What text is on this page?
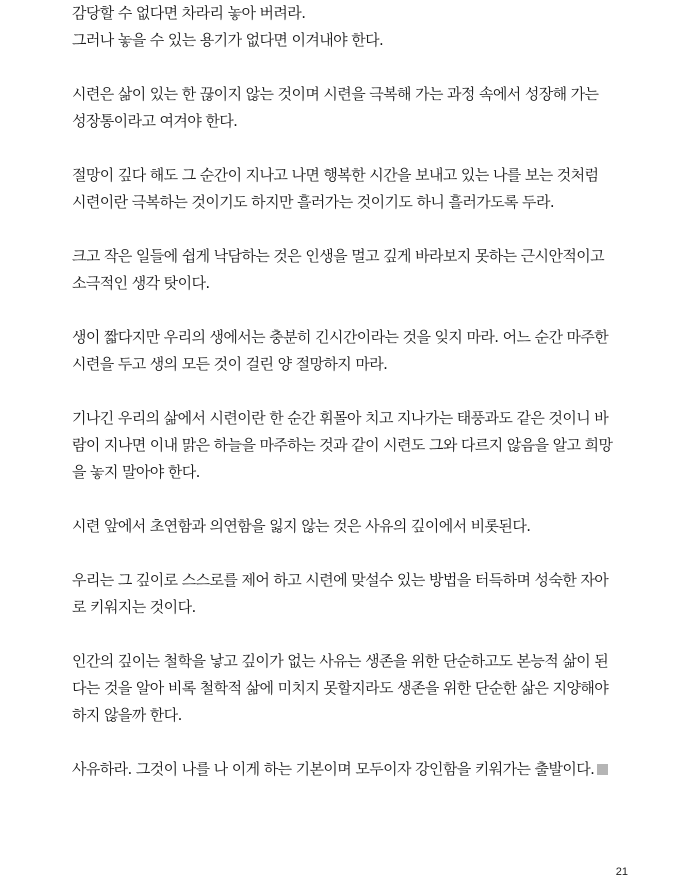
감당할 수 없다면 차라리 놓아 버려라.
그러나 놓을 수 있는 용기가 없다면 이겨내야 한다.

시련은 삶이 있는 한 끊이지 않는 것이며 시련을 극복해 가는 과정 속에서 성장해 가는
성장통이라고 여겨야 한다.

절망이 깊다 해도 그 순간이 지나고 나면 행복한 시간을 보내고 있는 나를 보는 것처럼
시련이란 극복하는 것이기도 하지만 흘러가는 것이기도 하니 흘러가도록 두라.

크고 작은 일들에 쉽게 낙담하는 것은 인생을 멀고 깊게 바라보지 못하는 근시안적이고
소극적인 생각 탓이다.

생이 짧다지만 우리의 생에서는 충분히 긴시간이라는 것을 잊지 마라. 어느 순간 마주한
시련을 두고 생의 모든 것이 걸린 양 절망하지 마라.

기나긴 우리의 삶에서 시련이란 한 순간 휘몰아 치고 지나가는 태풍과도 같은 것이니 바
람이 지나면 이내 맑은 하늘을 마주하는 것과 같이 시련도 그와 다르지 않음을 알고 희망
을 놓지 말아야 한다.

시련 앞에서 초연함과 의연함을 잃지 않는 것은 사유의 깊이에서 비롯된다.

우리는 그 깊이로 스스로를 제어 하고 시련에 맞설수 있는 방법을 터득하며 성숙한 자아
로 키워지는 것이다.

인간의 깊이는 철학을 낳고 깊이가 없는 사유는 생존을 위한 단순하고도 본능적 삶이 된
다는 것을 알아 비록 철학적 삶에 미치지 못할지라도 생존을 위한 단순한 삶은 지양해야
하지 않을까 한다.

사유하라. 그것이 나를 나 이게 하는 기본이며 모두이자 강인함을 키워가는 출발이다.

21
